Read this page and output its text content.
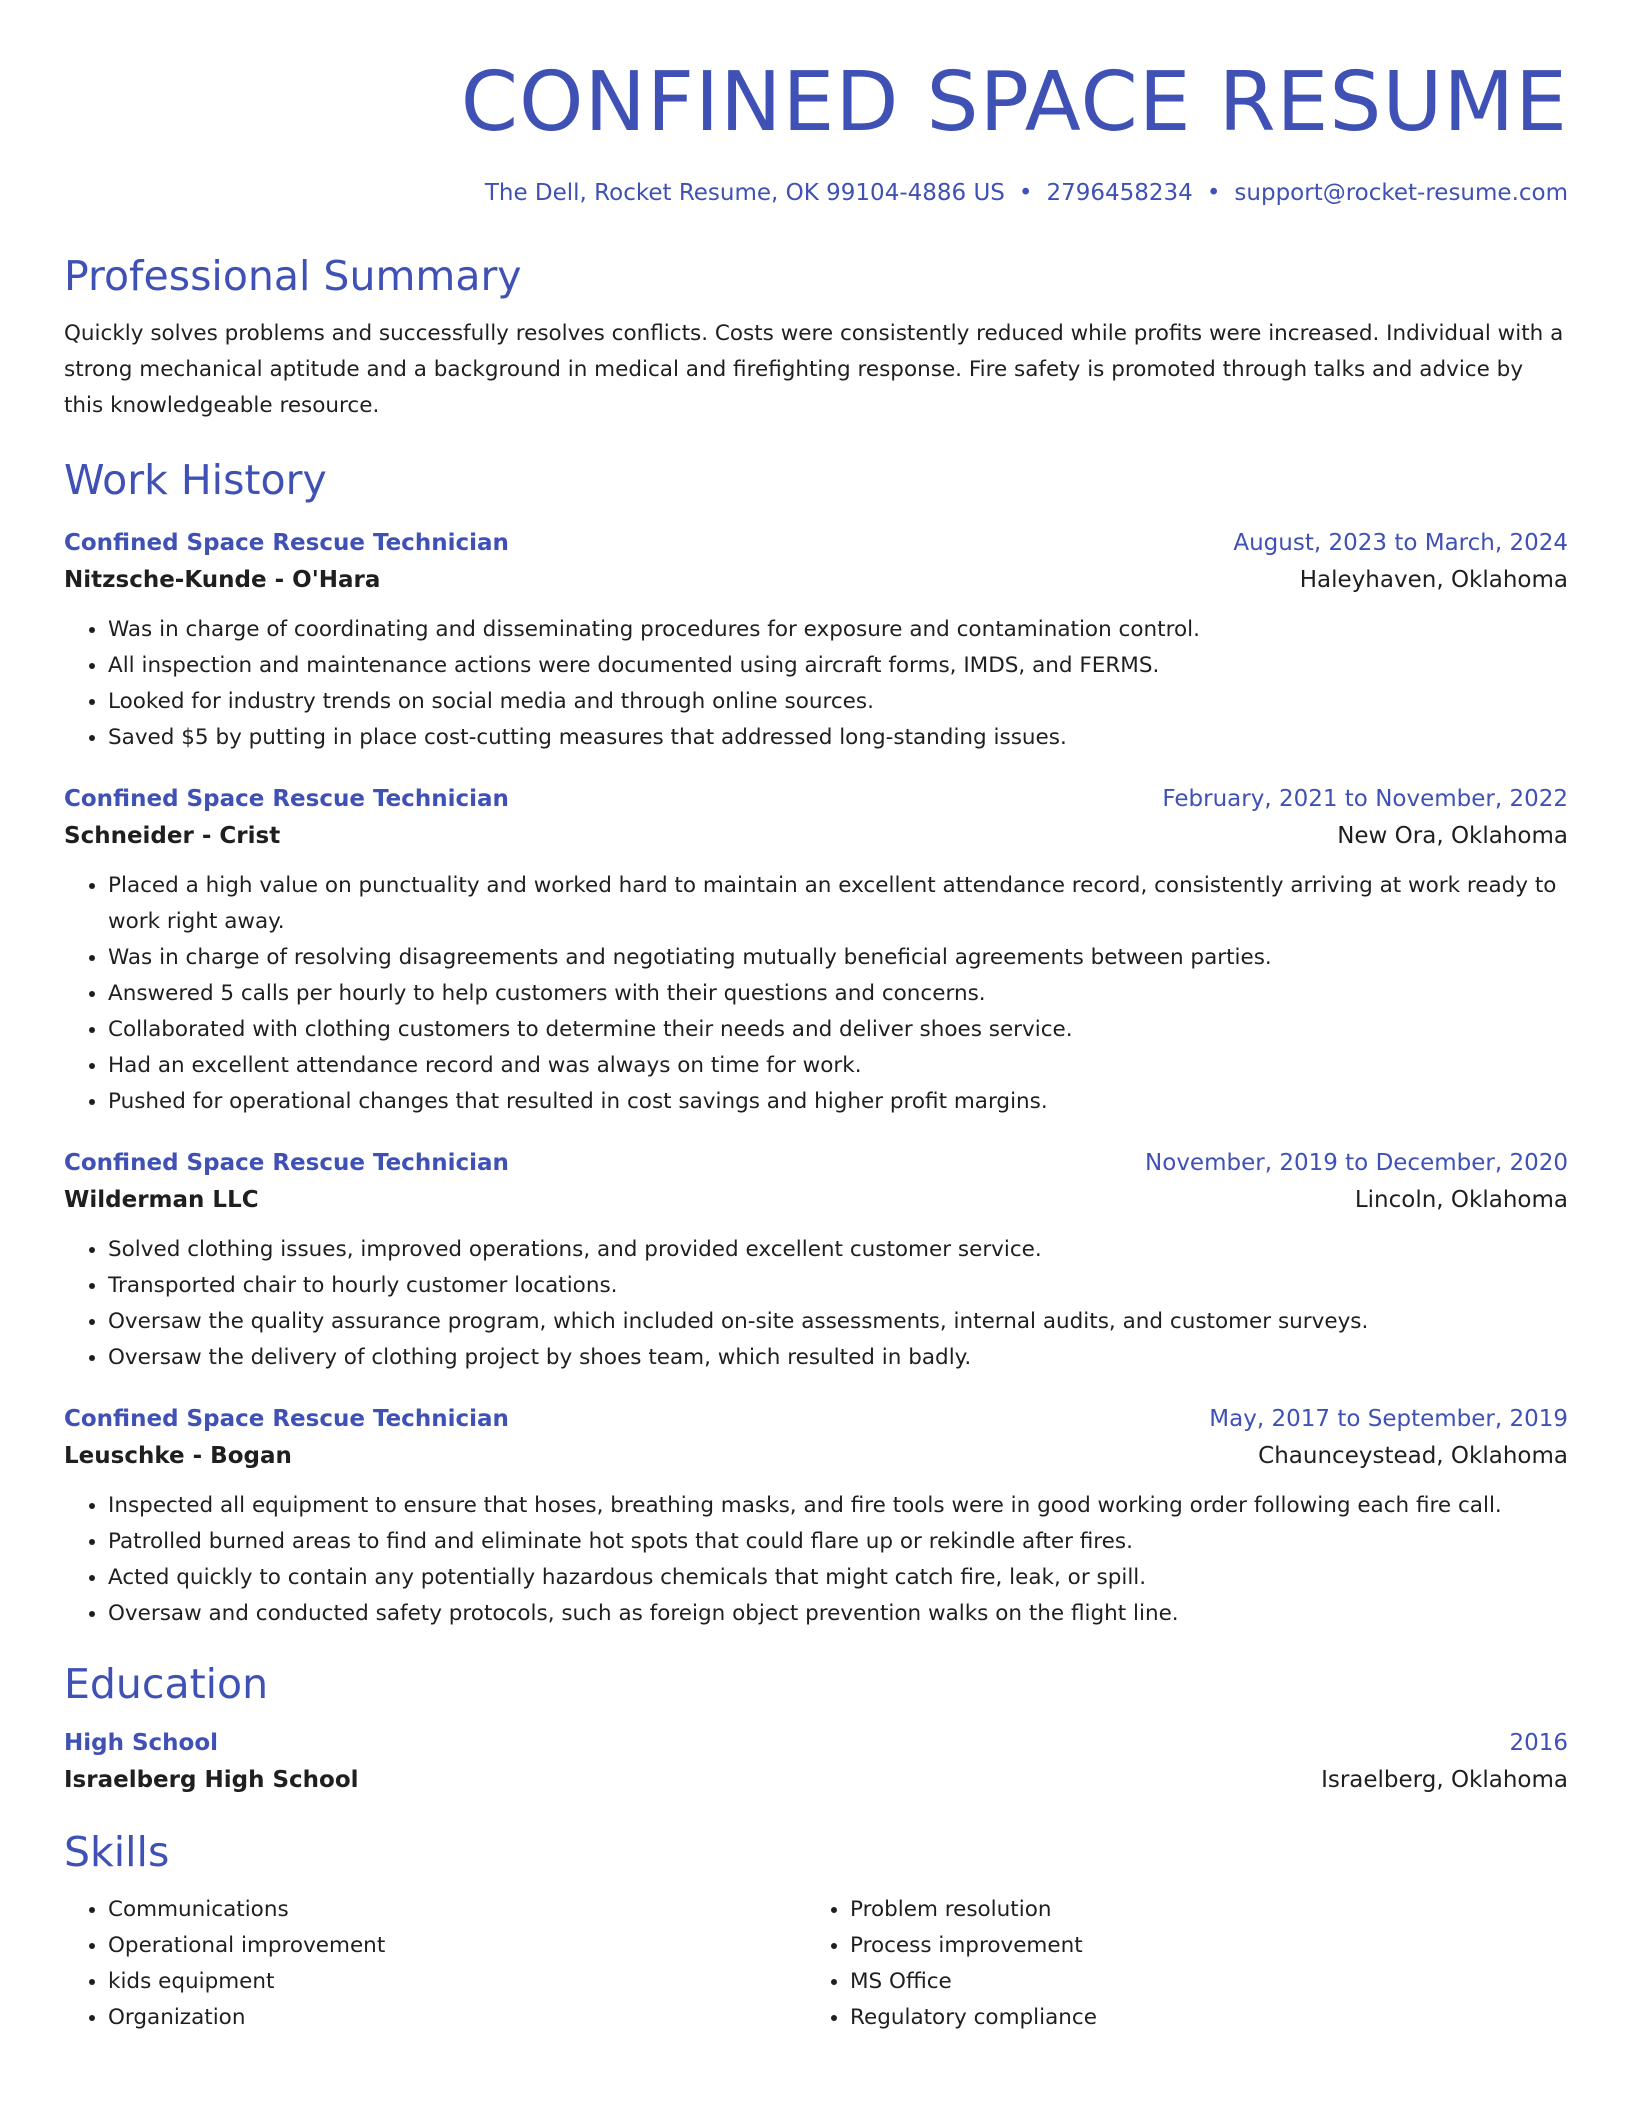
CONFINED SPACE RESUME
The Dell, Rocket Resume, OK 99104-4886 US • 2796458234 • support@rocket-resume.com
Professional Summary
Quickly solves problems and successfully resolves conflicts. Costs were consistently reduced while profits were increased. Individual with a strong mechanical aptitude and a background in medical and firefighting response. Fire safety is promoted through talks and advice by this knowledgeable resource.
Work History
Confined Space Rescue Technician	August, 2023 to March, 2024
Nitzsche-Kunde - O'Hara	Haleyhaven, Oklahoma
• Was in charge of coordinating and disseminating procedures for exposure and contamination control.
• All inspection and maintenance actions were documented using aircraft forms, IMDS, and FERMS.
• Looked for industry trends on social media and through online sources.
• Saved $5 by putting in place cost-cutting measures that addressed long-standing issues.
Confined Space Rescue Technician	February, 2021 to November, 2022
Schneider - Crist	New Ora, Oklahoma
• Placed a high value on punctuality and worked hard to maintain an excellent attendance record, consistently arriving at work ready to work right away.
• Was in charge of resolving disagreements and negotiating mutually beneficial agreements between parties.
• Answered 5 calls per hourly to help customers with their questions and concerns.
• Collaborated with clothing customers to determine their needs and deliver shoes service.
• Had an excellent attendance record and was always on time for work.
• Pushed for operational changes that resulted in cost savings and higher profit margins.
Confined Space Rescue Technician	November, 2019 to December, 2020
Wilderman LLC	Lincoln, Oklahoma
• Solved clothing issues, improved operations, and provided excellent customer service.
• Transported chair to hourly customer locations.
• Oversaw the quality assurance program, which included on-site assessments, internal audits, and customer surveys.
• Oversaw the delivery of clothing project by shoes team, which resulted in badly.
Confined Space Rescue Technician	May, 2017 to September, 2019
Leuschke - Bogan	Chaunceystead, Oklahoma
• Inspected all equipment to ensure that hoses, breathing masks, and fire tools were in good working order following each fire call.
• Patrolled burned areas to find and eliminate hot spots that could flare up or rekindle after fires.
• Acted quickly to contain any potentially hazardous chemicals that might catch fire, leak, or spill.
• Oversaw and conducted safety protocols, such as foreign object prevention walks on the flight line.
Education
High School	2016
Israelberg High School	Israelberg, Oklahoma
Skills
• Communications
• Operational improvement
• kids equipment
• Organization
• Problem resolution
• Process improvement
• MS Office
• Regulatory compliance
